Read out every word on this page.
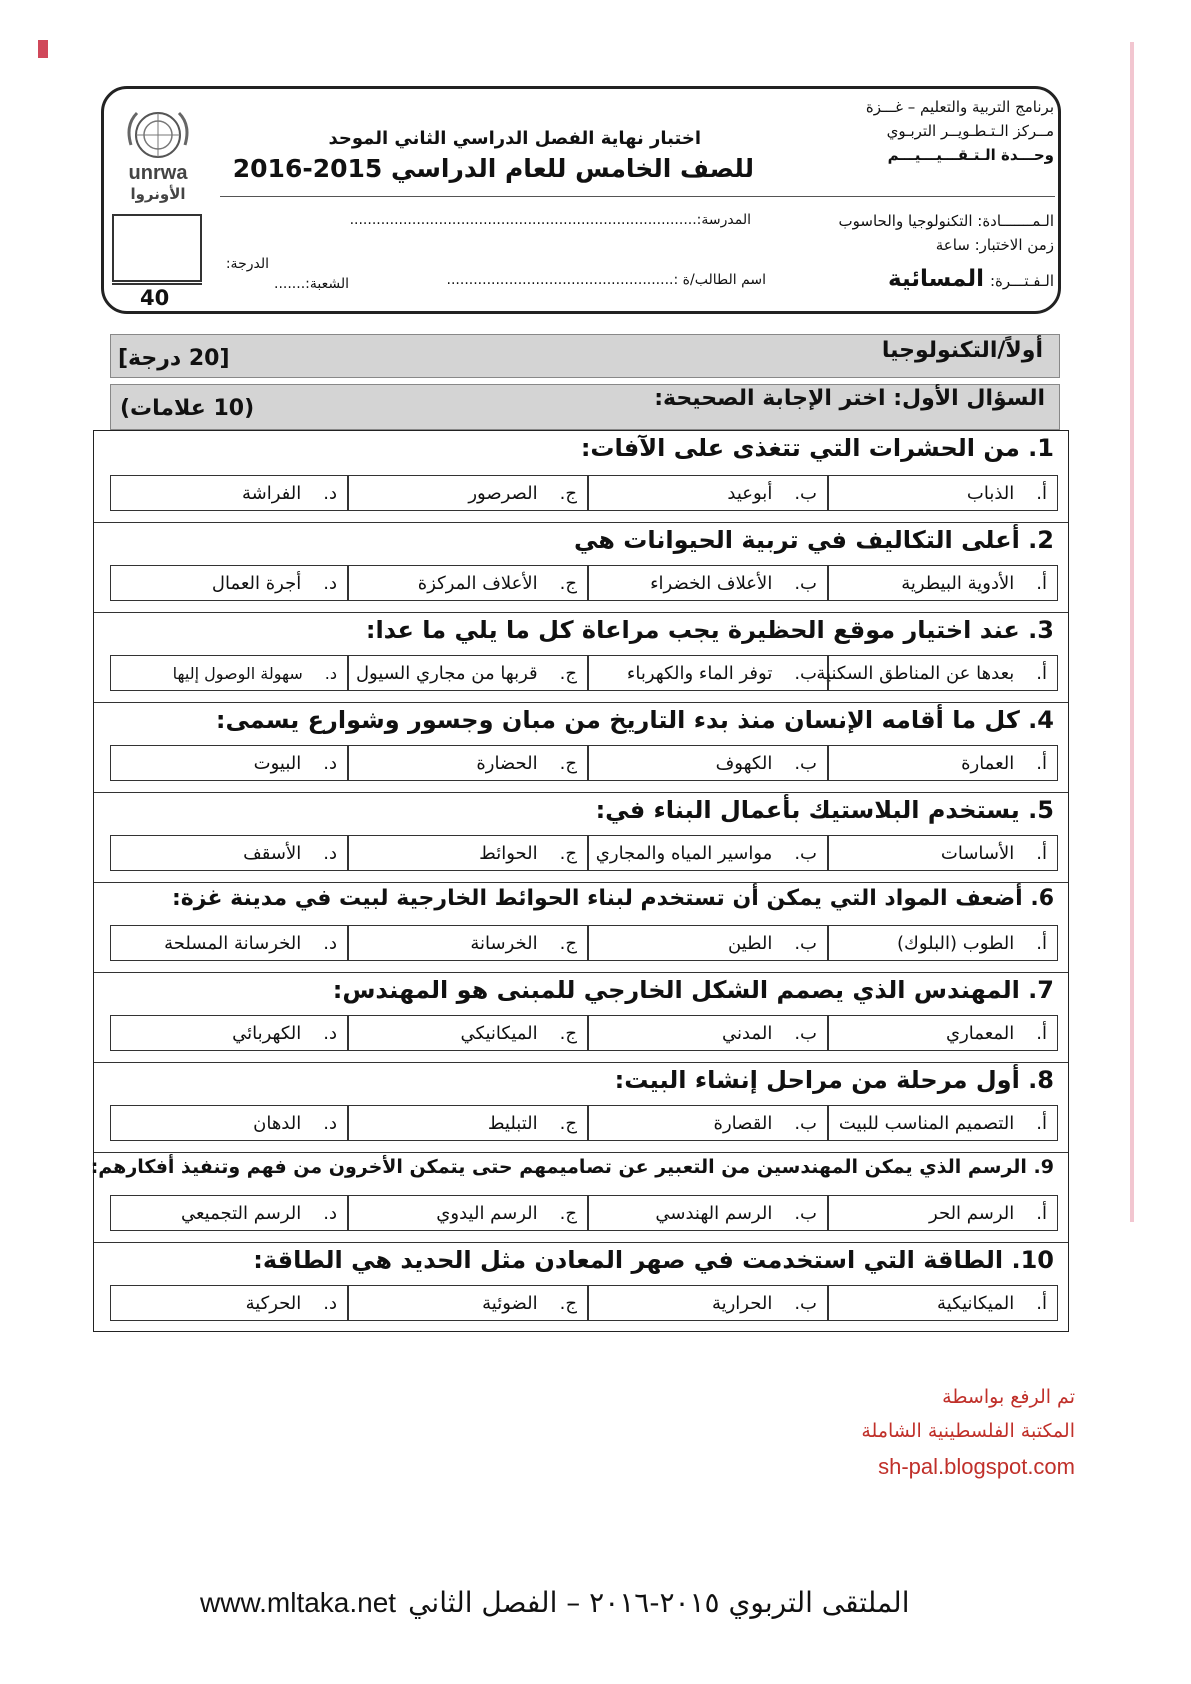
unrwa
الأونروا
برنامج التربية والتعليم – غـــزة
مــركز الـتـطـويــر التربـوي
وحـــدة الـتـقـــيـــيـــم
اختبار نهاية الفصل الدراسي الثاني الموحد
للصف الخامس للعام الدراسي 2015-2016
الـمـــــــادة: التكنولوجيا والحاسوب
المدرسة:..............................................................................
زمن الاختبار: ساعة
الدرجة:
الـفـتـــرة:
المسائية
اسم الطالب/ة :...................................................
الشعبة:.......
40
أولاً/التكنولوجيا
[20 درجة]
السؤال الأول: اختر الإجابة الصحيحة:
(10 علامات)
1. من الحشرات التي تتغذى على الآفات:
أ.
الذباب
ب.
أبوعيد
ج.
الصرصور
د.
الفراشة
2. أعلى التكاليف في تربية الحيوانات هي
أ.
الأدوية البيطرية
ب.
الأعلاف الخضراء
ج.
الأعلاف المركزة
د.
أجرة العمال
3. عند اختيار موقع الحظيرة يجب مراعاة كل ما يلي ما عدا:
أ.
بعدها عن المناطق السكنية
ب.
توفر الماء والكهرباء
ج.
قربها من مجاري السيول
د.
سهولة الوصول إليها
4. كل ما أقامه الإنسان منذ بدء التاريخ من مبان وجسور وشوارع يسمى:
أ.
العمارة
ب.
الكهوف
ج.
الحضارة
د.
البيوت
5. يستخدم البلاستيك بأعمال البناء في:
أ.
الأساسات
ب.
مواسير المياه والمجاري
ج.
الحوائط
د.
الأسقف
6. أضعف المواد التي يمكن أن تستخدم لبناء الحوائط الخارجية لبيت في مدينة غزة:
أ.
الطوب (البلوك)
ب.
الطين
ج.
الخرسانة
د.
الخرسانة المسلحة
7. المهندس الذي يصمم الشكل الخارجي للمبنى هو المهندس:
أ.
المعماري
ب.
المدني
ج.
الميكانيكي
د.
الكهربائي
8. أول مرحلة من مراحل إنشاء البيت:
أ.
التصميم المناسب للبيت
ب.
القصارة
ج.
التبليط
د.
الدهان
9. الرسم الذي يمكن المهندسين من التعبير عن تصاميمهم حتى يتمكن الأخرون من فهم وتنفيذ أفكارهم:
أ.
الرسم الحر
ب.
الرسم الهندسي
ج.
الرسم اليدوي
د.
الرسم التجميعي
10. الطاقة التي استخدمت في صهر المعادن مثل الحديد هي الطاقة:
أ.
الميكانيكية
ب.
الحرارية
ج.
الضوئية
د.
الحركية
تم الرفع بواسطة
المكتبة الفلسطينية الشاملة
sh-pal.blogspot.com
www.mltaka.net الملتقى التربوي ٢٠١٥-٢٠١٦ – الفصل الثاني
